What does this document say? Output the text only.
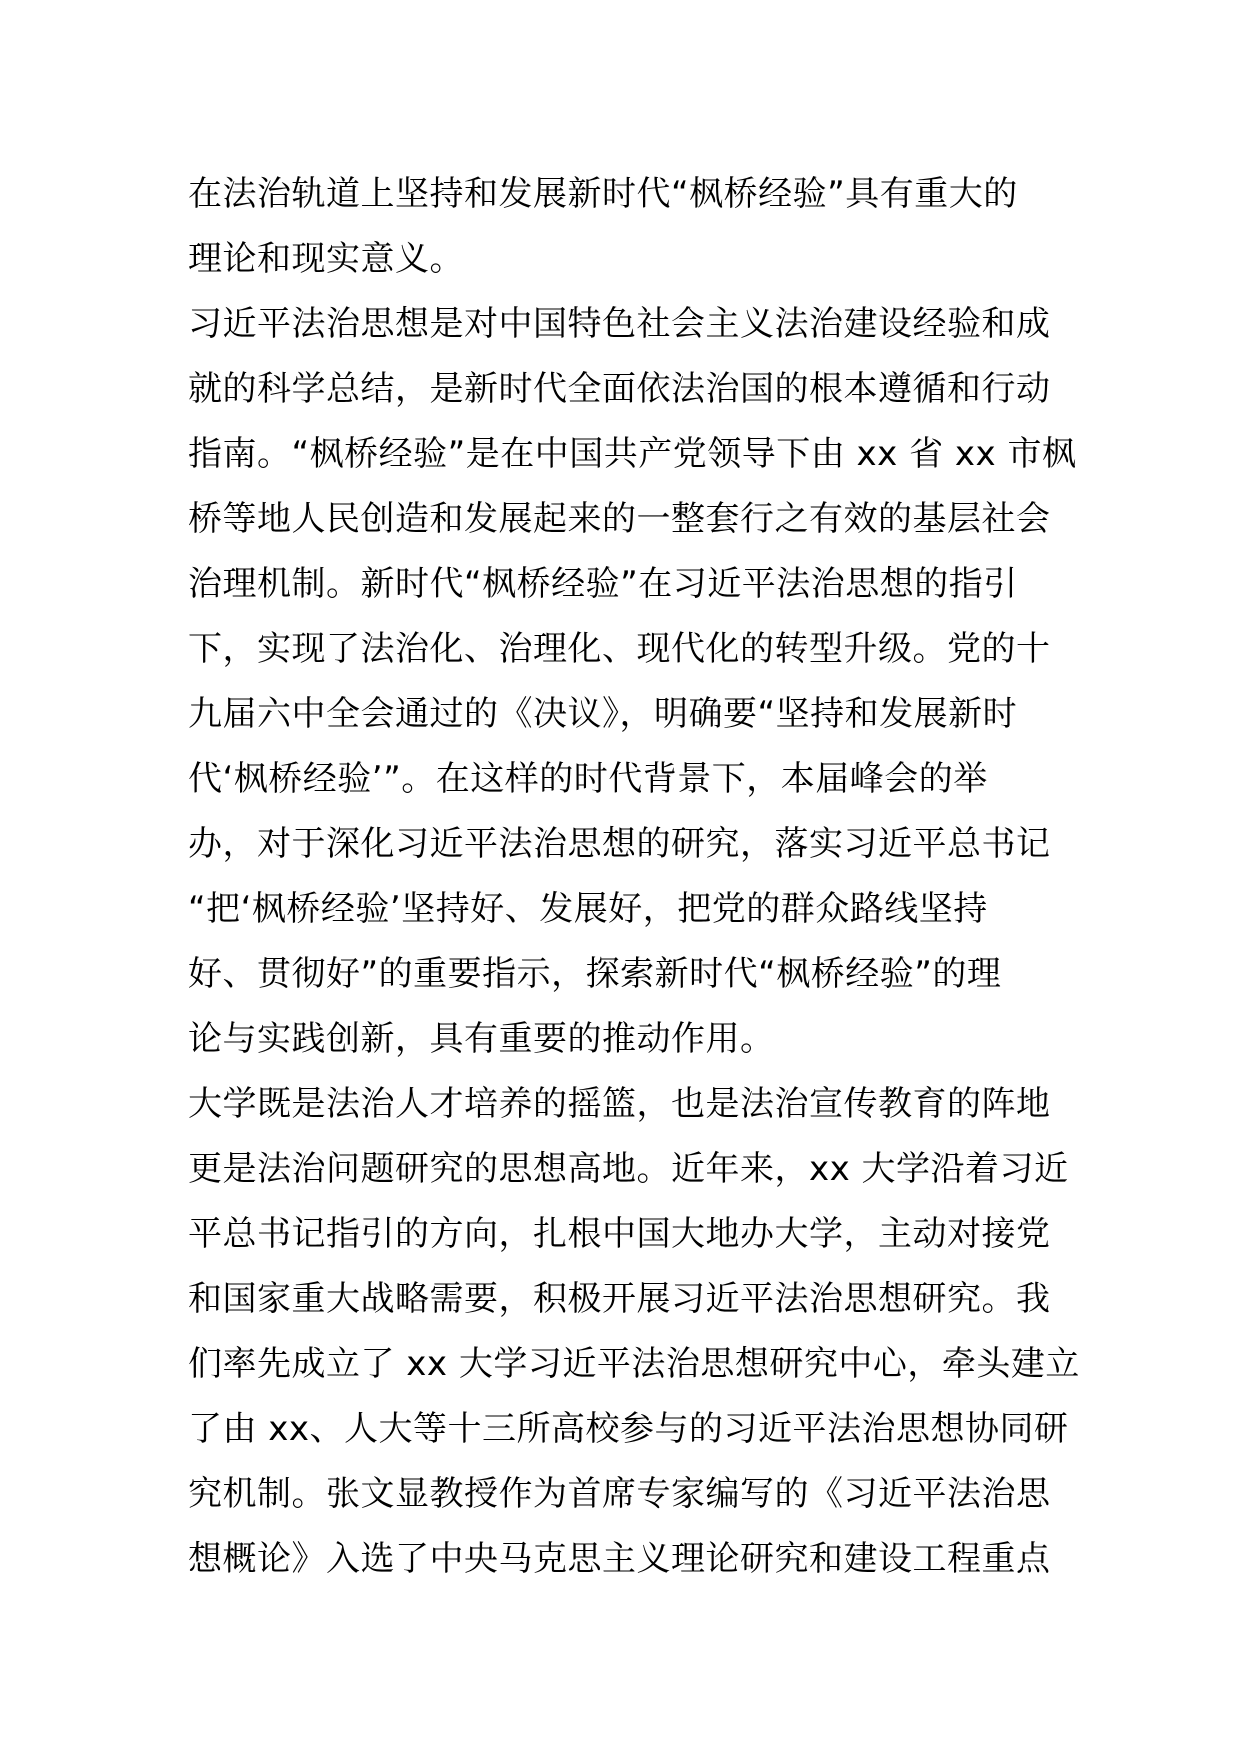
在法治轨道上坚持和发展新时代“枫桥经验”具有重大的
理论和现实意义。
习近平法治思想是对中国特色社会主义法治建设经验和成
就的科学总结，是新时代全面依法治国的根本遵循和行动
指南。“枫桥经验”是在中国共产党领导下由 xx 省 xx 市枫
桥等地人民创造和发展起来的一整套行之有效的基层社会
治理机制。新时代“枫桥经验”在习近平法治思想的指引
下，实现了法治化、治理化、现代化的转型升级。党的十
九届六中全会通过的《决议》，明确要“坚持和发展新时
代‘枫桥经验’”。在这样的时代背景下，本届峰会的举
办，对于深化习近平法治思想的研究，落实习近平总书记
“把‘枫桥经验’坚持好、发展好，把党的群众路线坚持
好、贯彻好”的重要指示，探索新时代“枫桥经验”的理
论与实践创新，具有重要的推动作用。
大学既是法治人才培养的摇篮，也是法治宣传教育的阵地
更是法治问题研究的思想高地。近年来，xx 大学沿着习近
平总书记指引的方向，扎根中国大地办大学，主动对接党
和国家重大战略需要，积极开展习近平法治思想研究。我
们率先成立了 xx 大学习近平法治思想研究中心，牵头建立
了由 xx、人大等十三所高校参与的习近平法治思想协同研
究机制。张文显教授作为首席专家编写的《习近平法治思
想概论》入选了中央马克思主义理论研究和建设工程重点
